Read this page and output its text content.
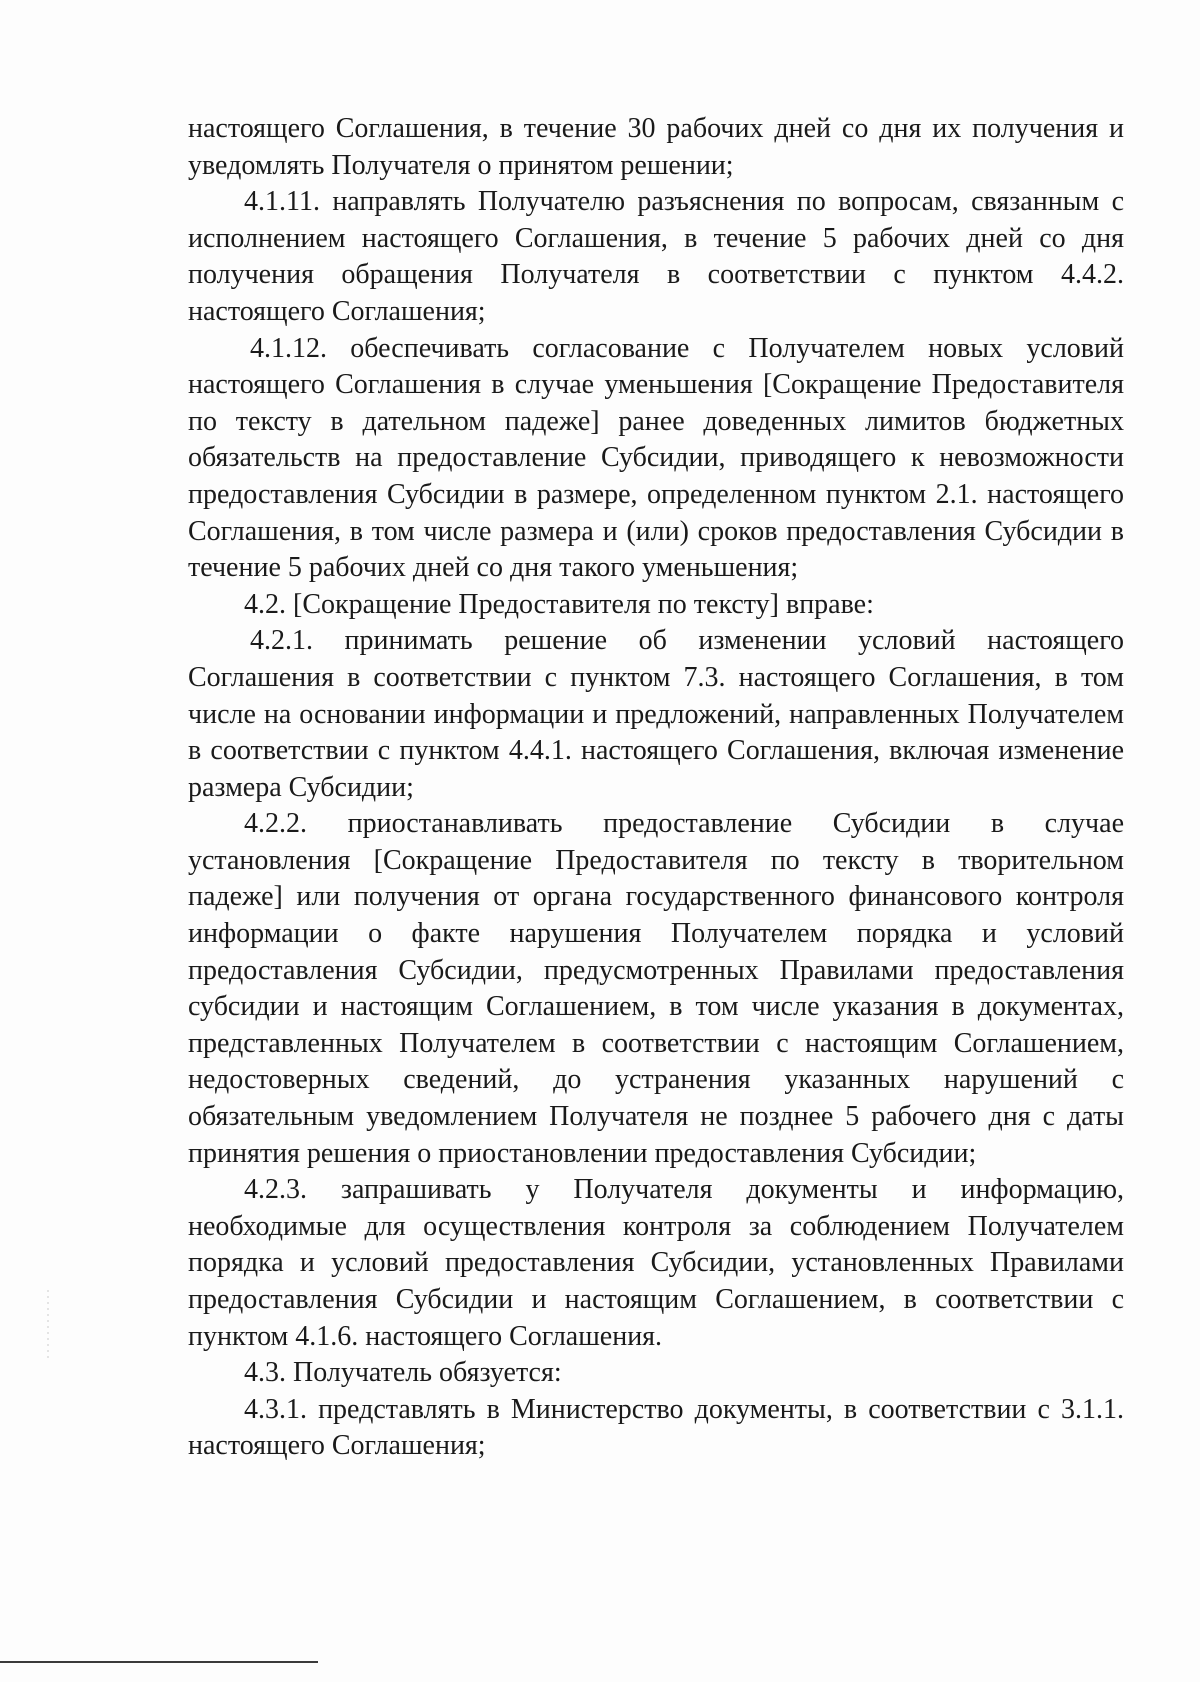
настоящего Соглашения, в течение 30 рабочих дней со дня их получения и уведомлять Получателя о принятом решении;

4.1.11. направлять Получателю разъяснения по вопросам, связанным с исполнением настоящего Соглашения, в течение 5 рабочих дней со дня получения обращения Получателя в соответствии с пунктом 4.4.2. настоящего Соглашения;

4.1.12. обеспечивать согласование с Получателем новых условий настоящего Соглашения в случае уменьшения [Сокращение Предоставителя по тексту в дательном падеже] ранее доведенных лимитов бюджетных обязательств на предоставление Субсидии, приводящего к невозможности предоставления Субсидии в размере, определенном пунктом 2.1. настоящего Соглашения, в том числе размера и (или) сроков предоставления Субсидии в течение 5 рабочих дней со дня такого уменьшения;

4.2. [Сокращение Предоставителя по тексту] вправе:

4.2.1. принимать решение об изменении условий настоящего Соглашения в соответствии с пунктом 7.3. настоящего Соглашения, в том числе на основании информации и предложений, направленных Получателем в соответствии с пунктом 4.4.1. настоящего Соглашения, включая изменение размера Субсидии;

4.2.2. приостанавливать предоставление Субсидии в случае установления [Сокращение Предоставителя по тексту в творительном падеже] или получения от органа государственного финансового контроля информации о факте нарушения Получателем порядка и условий предоставления Субсидии, предусмотренных Правилами предоставления субсидии и настоящим Соглашением, в том числе указания в документах, представленных Получателем в соответствии с настоящим Соглашением, недостоверных сведений, до устранения указанных нарушений с обязательным уведомлением Получателя не позднее 5 рабочего дня с даты принятия решения о приостановлении предоставления Субсидии;

4.2.3. запрашивать у Получателя документы и информацию, необходимые для осуществления контроля за соблюдением Получателем порядка и условий предоставления Субсидии, установленных Правилами предоставления Субсидии и настоящим Соглашением, в соответствии с пунктом 4.1.6. настоящего Соглашения.

4.3. Получатель обязуется:

4.3.1. представлять в Министерство документы, в соответствии с 3.1.1. настоящего Соглашения;
